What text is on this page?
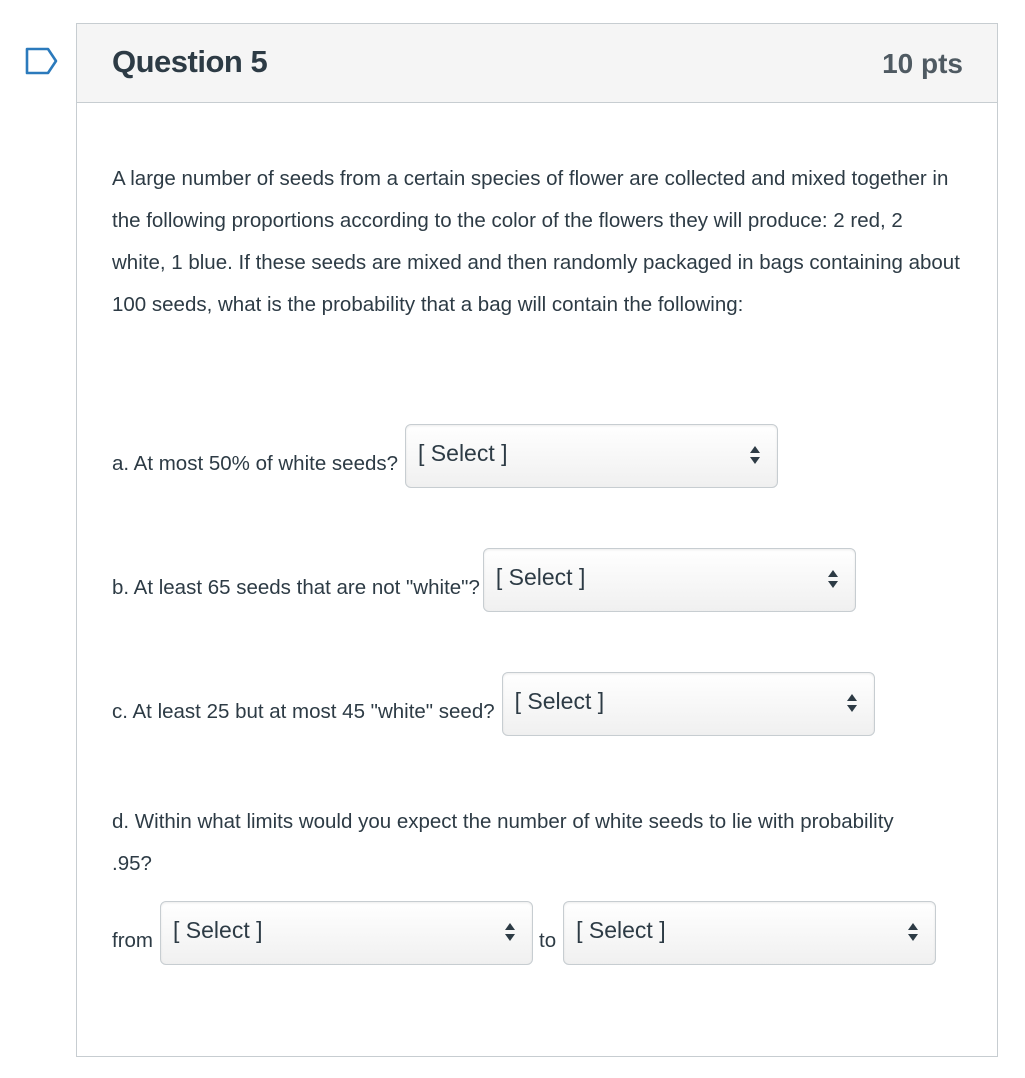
Question 5	10 pts

A large number of seeds from a certain species of flower are collected and mixed together in the following proportions according to the color of the flowers they will produce: 2 red, 2 white, 1 blue. If these seeds are mixed and then randomly packaged in bags containing about 100 seeds, what is the probability that a bag will contain the following:

a. At most 50% of white seeds? [ Select ]
b. At least 65 seeds that are not "white"? [ Select ]
c. At least 25 but at most 45 "white" seed? [ Select ]
d. Within what limits would you expect the number of white seeds to lie with probability .95?
from [ Select ]	to [ Select ]
